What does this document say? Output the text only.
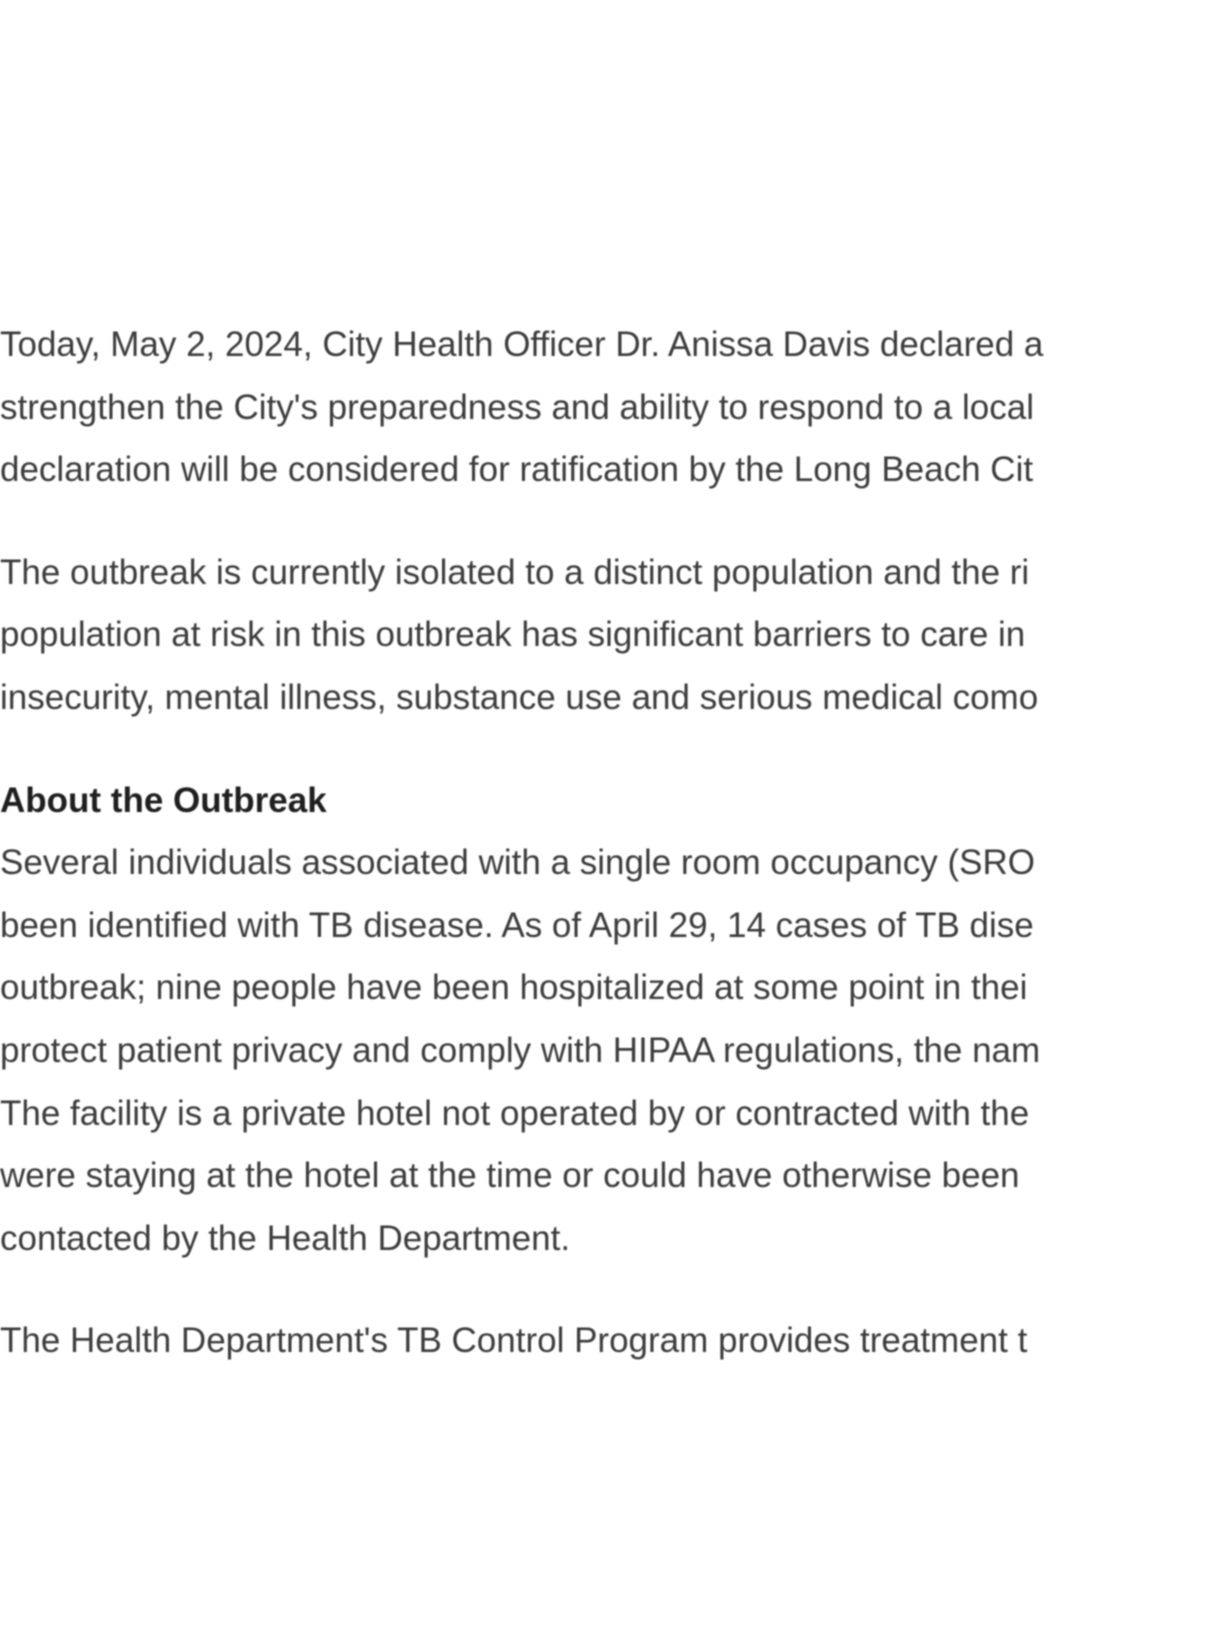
Today, May 2, 2024, City Health Officer Dr. Anissa Davis declared a
strengthen the City's preparedness and ability to respond to a local
declaration will be considered for ratification by the Long Beach Cit
The outbreak is currently isolated to a distinct population and the ri
population at risk in this outbreak has significant barriers to care in
insecurity, mental illness, substance use and serious medical como
About the Outbreak
Several individuals associated with a single room occupancy (SRO
been identified with TB disease. As of April 29, 14 cases of TB dise
outbreak; nine people have been hospitalized at some point in thei
protect patient privacy and comply with HIPAA regulations, the nam
The facility is a private hotel not operated by or contracted with the
were staying at the hotel at the time or could have otherwise been
contacted by the Health Department.
The Health Department's TB Control Program provides treatment t
